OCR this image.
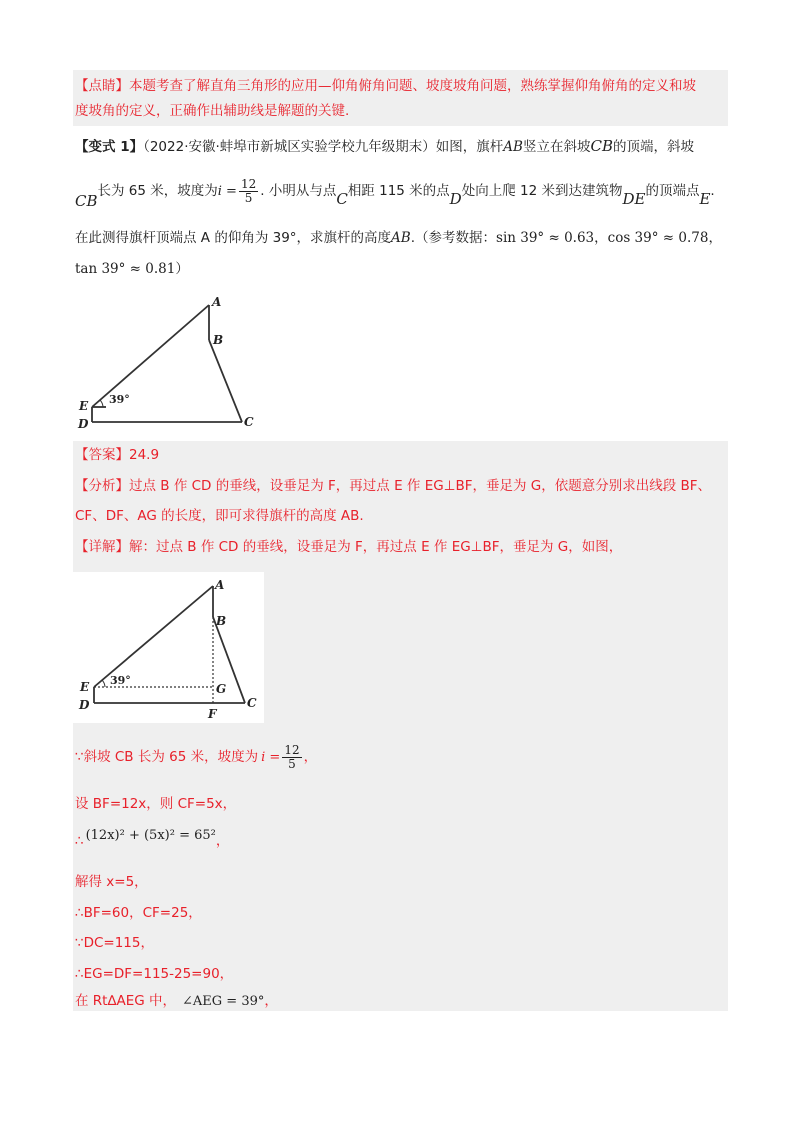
【点睛】本题考查了解直角三角形的应用—仰角俯角问题、坡度坡角问题，熟练掌握仰角俯角的定义和坡
度坡角的定义，正确作出辅助线是解题的关键.
【变式 1】（2022·安徽·蚌埠市新城区实验学校九年级期末）如图，旗杆AB竖立在斜坡CB的顶端，斜坡
CB
长为 65 米，坡度为 $i = \frac{12}{5}$ . 小明从与点 C 相距 115 米的点 D 处向上爬 12 米到达建筑物 DE 的顶端点 E .
在此测得旗杆顶端点 A 的仰角为 39°，求旗杆的高度AB.（参考数据：sin 39° ≈ 0.63，cos 39° ≈ 0.78，
tan 39° ≈ 0.81）
A
B
C
D
E 39°
【答案】24.9
【分析】过点 B 作 CD 的垂线，设垂足为 F，再过点 E 作 EG⊥BF，垂足为 G，依题意分别求出线段 BF、
CF、DF、AG 的长度，即可求得旗杆的高度 AB.
【详解】解：过点 B 作 CD 的垂线，设垂足为 F，再过点 E 作 EG⊥BF，垂足为 G，如图，
A
B
C
D
E
F
G
39°
∵斜坡 CB 长为 65 米，坡度为 $i = \frac{12}{5}$ ，
设 BF=12x，则 CF=5x，
∴ (12x)² + (5x)² = 65² ，
解得 x=5，
∴BF=60，CF=25，
∵DC=115，
∴EG=DF=115-25=90，
在 Rt∆AEG 中， ∠AEG = 39° ，
